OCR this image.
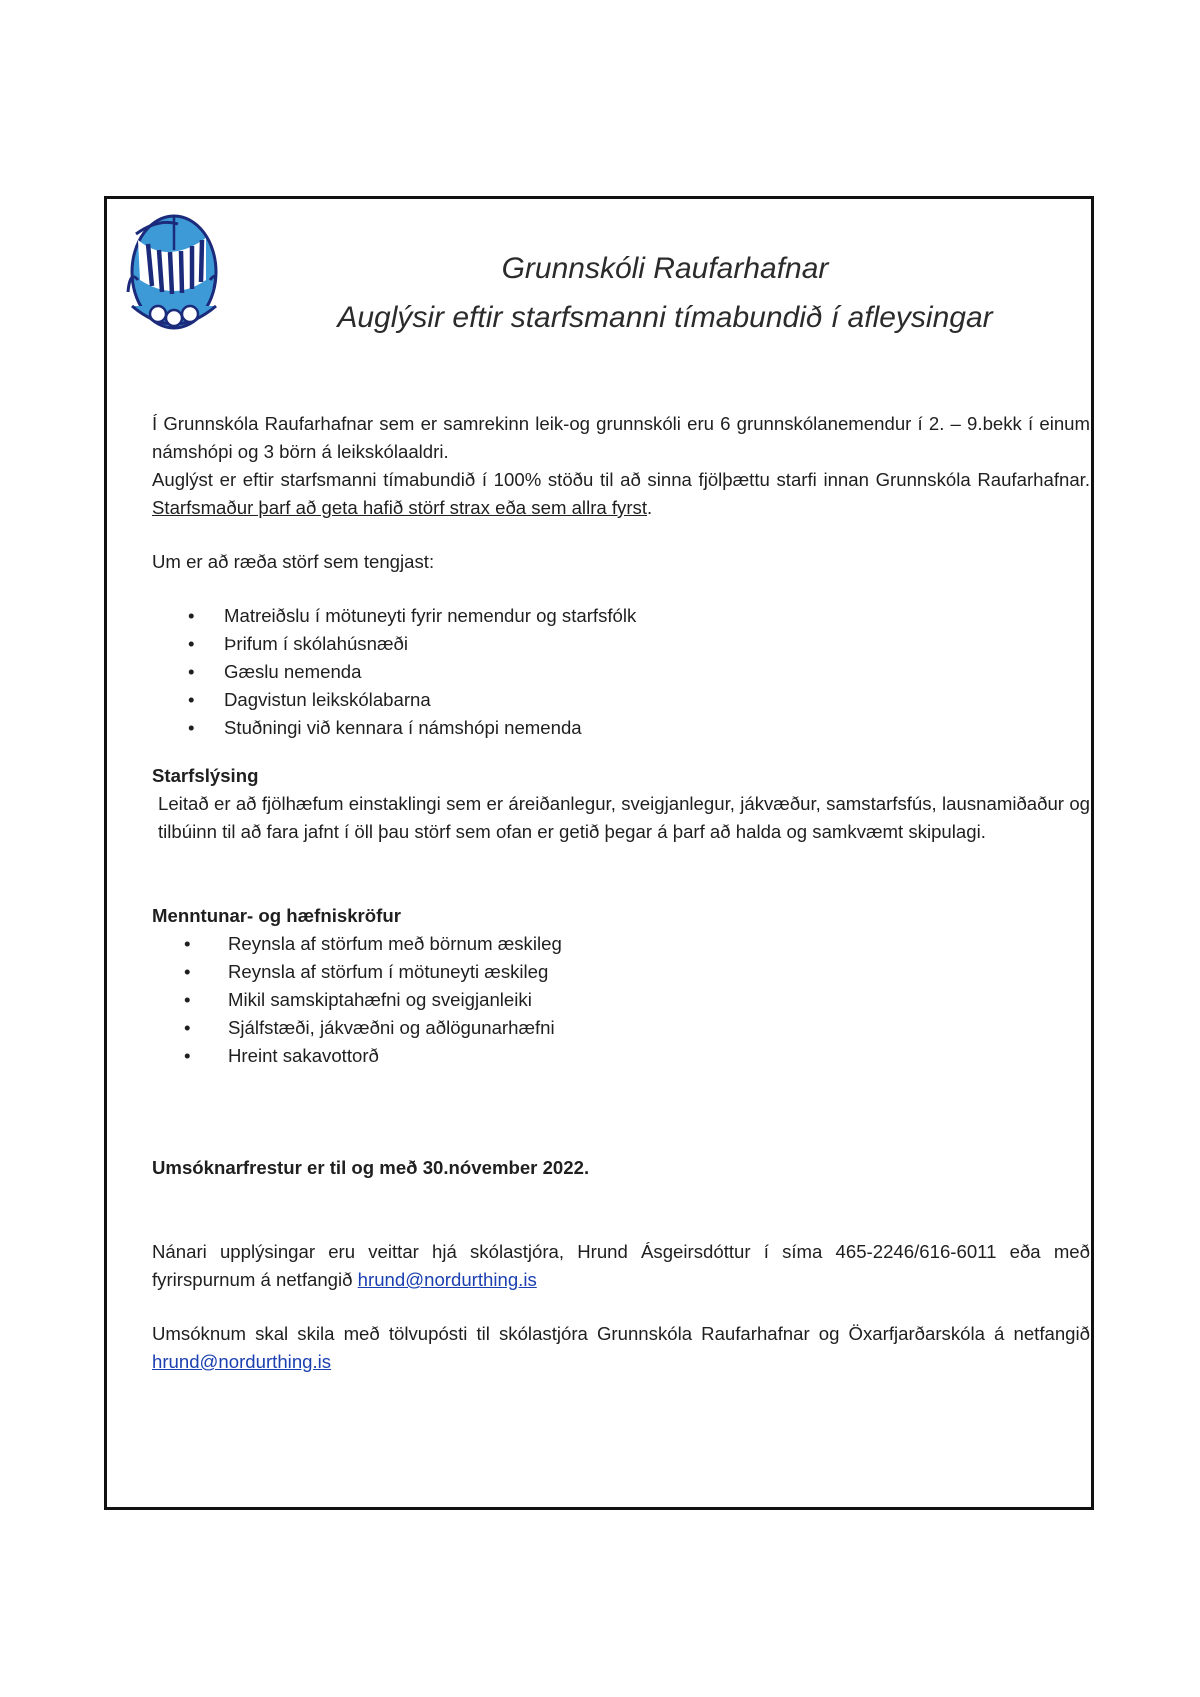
Grunnskóli Raufarhafnar
Auglýsir eftir starfsmanni tímabundið í afleysingar

Í Grunnskóla Raufarhafnar sem er samrekinn leik-og grunnskóli eru 6 grunnskólanemendur í 2. – 9.bekk í einum námshópi og 3 börn á leikskólaaldri.

Auglýst er eftir starfsmanni tímabundið í 100% stöðu til að sinna fjölþættu starfi innan Grunnskóla Raufarhafnar. Starfsmaður þarf að geta hafið störf strax eða sem allra fyrst.

Um er að ræða störf sem tengjast:

• Matreiðslu í mötuneyti fyrir nemendur og starfsfólk
• Þrifum í skólahúsnæði
• Gæslu nemenda
• Dagvistun leikskólabarna
• Stuðningi við kennara í námshópi nemenda

Starfslýsing

Leitað er að fjölhæfum einstaklingi sem er áreiðanlegur, sveigjanlegur, jákvæður, samstarfsfús, lausnamiðaður og tilbúinn til að fara jafnt í öll þau störf sem ofan er getið þegar á þarf að halda og samkvæmt skipulagi.

Menntunar- og hæfniskröfur

• Reynsla af störfum með börnum æskileg
• Reynsla af störfum í mötuneyti æskileg
• Mikil samskiptahæfni og sveigjanleiki
• Sjálfstæði, jákvæðni og aðlögunarhæfni
• Hreint sakavottorð

Umsóknarfrestur er til og með 30.nóvember 2022.

Nánari upplýsingar eru veittar hjá skólastjóra, Hrund Ásgeirsdóttur í síma 465-2246/616-6011 eða með fyrirspurnum á netfangið hrund@nordurthing.is

Umsóknum skal skila með tölvupósti til skólastjóra Grunnskóla Raufarhafnar og Öxarfjarðarskóla á netfangið hrund@nordurthing.is
